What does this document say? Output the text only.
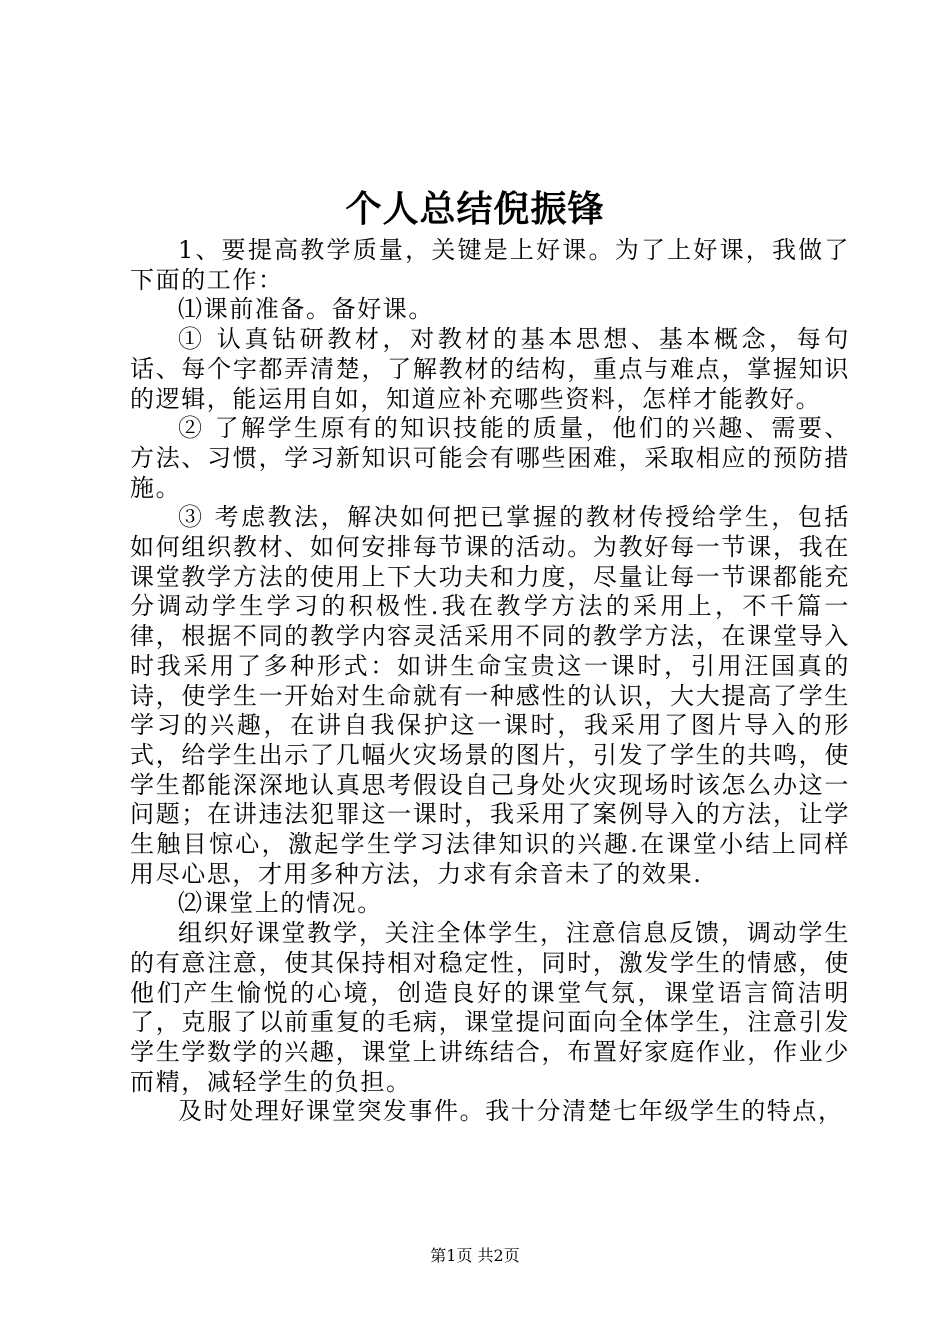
个人总结倪振锋

1、要提高教学质量，关键是上好课。为了上好课，我做了下面的工作：

⑴课前准备。备好课。

① 认真钻研教材，对教材的基本思想、基本概念，每句话、每个字都弄清楚，了解教材的结构，重点与难点，掌握知识的逻辑，能运用自如，知道应补充哪些资料，怎样才能教好。

② 了解学生原有的知识技能的质量，他们的兴趣、需要、方法、习惯，学习新知识可能会有哪些困难，采取相应的预防措施。

③ 考虑教法，解决如何把已掌握的教材传授给学生，包括如何组织教材、如何安排每节课的活动。为教好每一节课，我在课堂教学方法的使用上下大功夫和力度，尽量让每一节课都能充分调动学生学习的积极性.我在教学方法的采用上，不千篇一律，根据不同的教学内容灵活采用不同的教学方法，在课堂导入时我采用了多种形式：如讲生命宝贵这一课时，引用汪国真的诗，使学生一开始对生命就有一种感性的认识，大大提高了学生学习的兴趣，在讲自我保护这一课时，我采用了图片导入的形式，给学生出示了几幅火灾场景的图片，引发了学生的共鸣，使学生都能深深地认真思考假设自己身处火灾现场时该怎么办这一问题；在讲违法犯罪这一课时，我采用了案例导入的方法，让学生触目惊心，激起学生学习法律知识的兴趣.在课堂小结上同样用尽心思，才用多种方法，力求有余音未了的效果.

⑵课堂上的情况。

组织好课堂教学，关注全体学生，注意信息反馈，调动学生的有意注意，使其保持相对稳定性，同时，激发学生的情感，使他们产生愉悦的心境，创造良好的课堂气氛，课堂语言简洁明了，克服了以前重复的毛病，课堂提问面向全体学生，注意引发学生学数学的兴趣，课堂上讲练结合，布置好家庭作业，作业少而精，减轻学生的负担。

及时处理好课堂突发事件。我十分清楚七年级学生的特点，

第1页 共2页
